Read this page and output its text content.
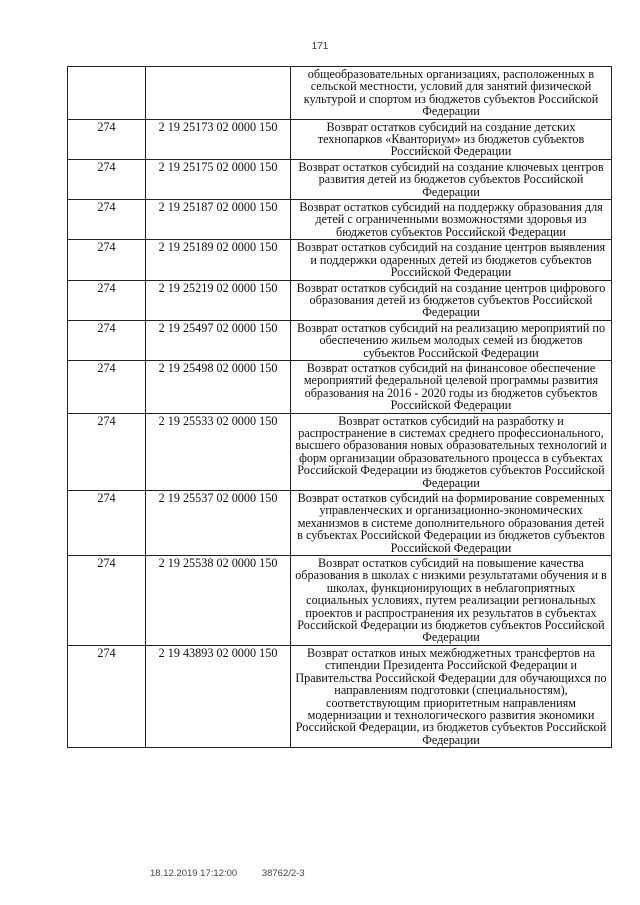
171
		общеобразовательных организациях, расположенных в сельской местности, условий для занятий физической культурой и спортом из бюджетов субъектов Российской Федерации
274	2 19 25173 02 0000 150	Возврат остатков субсидий на создание детских технопарков «Кванториум» из бюджетов субъектов Российской Федерации
274	2 19 25175 02 0000 150	Возврат остатков субсидий на создание ключевых центров развития детей из бюджетов субъектов Российской Федерации
274	2 19 25187 02 0000 150	Возврат остатков субсидий на поддержку образования для детей с ограниченными возможностями здоровья из бюджетов субъектов Российской Федерации
274	2 19 25189 02 0000 150	Возврат остатков субсидий на создание центров выявления и поддержки одаренных детей из бюджетов субъектов Российской Федерации
274	2 19 25219 02 0000 150	Возврат остатков субсидий на создание центров цифрового образования детей из бюджетов субъектов Российской Федерации
274	2 19 25497 02 0000 150	Возврат остатков субсидий на реализацию мероприятий по обеспечению жильем молодых семей из бюджетов субъектов Российской Федерации
274	2 19 25498 02 0000 150	Возврат остатков субсидий на финансовое обеспечение мероприятий федеральной целевой программы развития образования на 2016 - 2020 годы из бюджетов субъектов Российской Федерации
274	2 19 25533 02 0000 150	Возврат остатков субсидий на разработку и распространение в системах среднего профессионального, высшего образования новых образовательных технологий и форм организации образовательного процесса в субъектах Российской Федерации из бюджетов субъектов Российской Федерации
274	2 19 25537 02 0000 150	Возврат остатков субсидий на формирование современных управленческих и организационно-экономических механизмов в системе дополнительного образования детей в субъектах Российской Федерации из бюджетов субъектов Российской Федерации
274	2 19 25538 02 0000 150	Возврат остатков субсидий на повышение качества образования в школах с низкими результатами обучения и в школах, функционирующих в неблагоприятных социальных условиях, путем реализации региональных проектов и распространения их результатов в субъектах Российской Федерации из бюджетов субъектов Российской Федерации
274	2 19 43893 02 0000 150	Возврат остатков иных межбюджетных трансфертов на стипендии Президента Российской Федерации и Правительства Российской Федерации для обучающихся по направлениям подготовки (специальностям), соответствующим приоритетным направлениям модернизации и технологического развития экономики Российской Федерации, из бюджетов субъектов Российской Федерации
18.12.2019 17:12:00	38762/2-3
